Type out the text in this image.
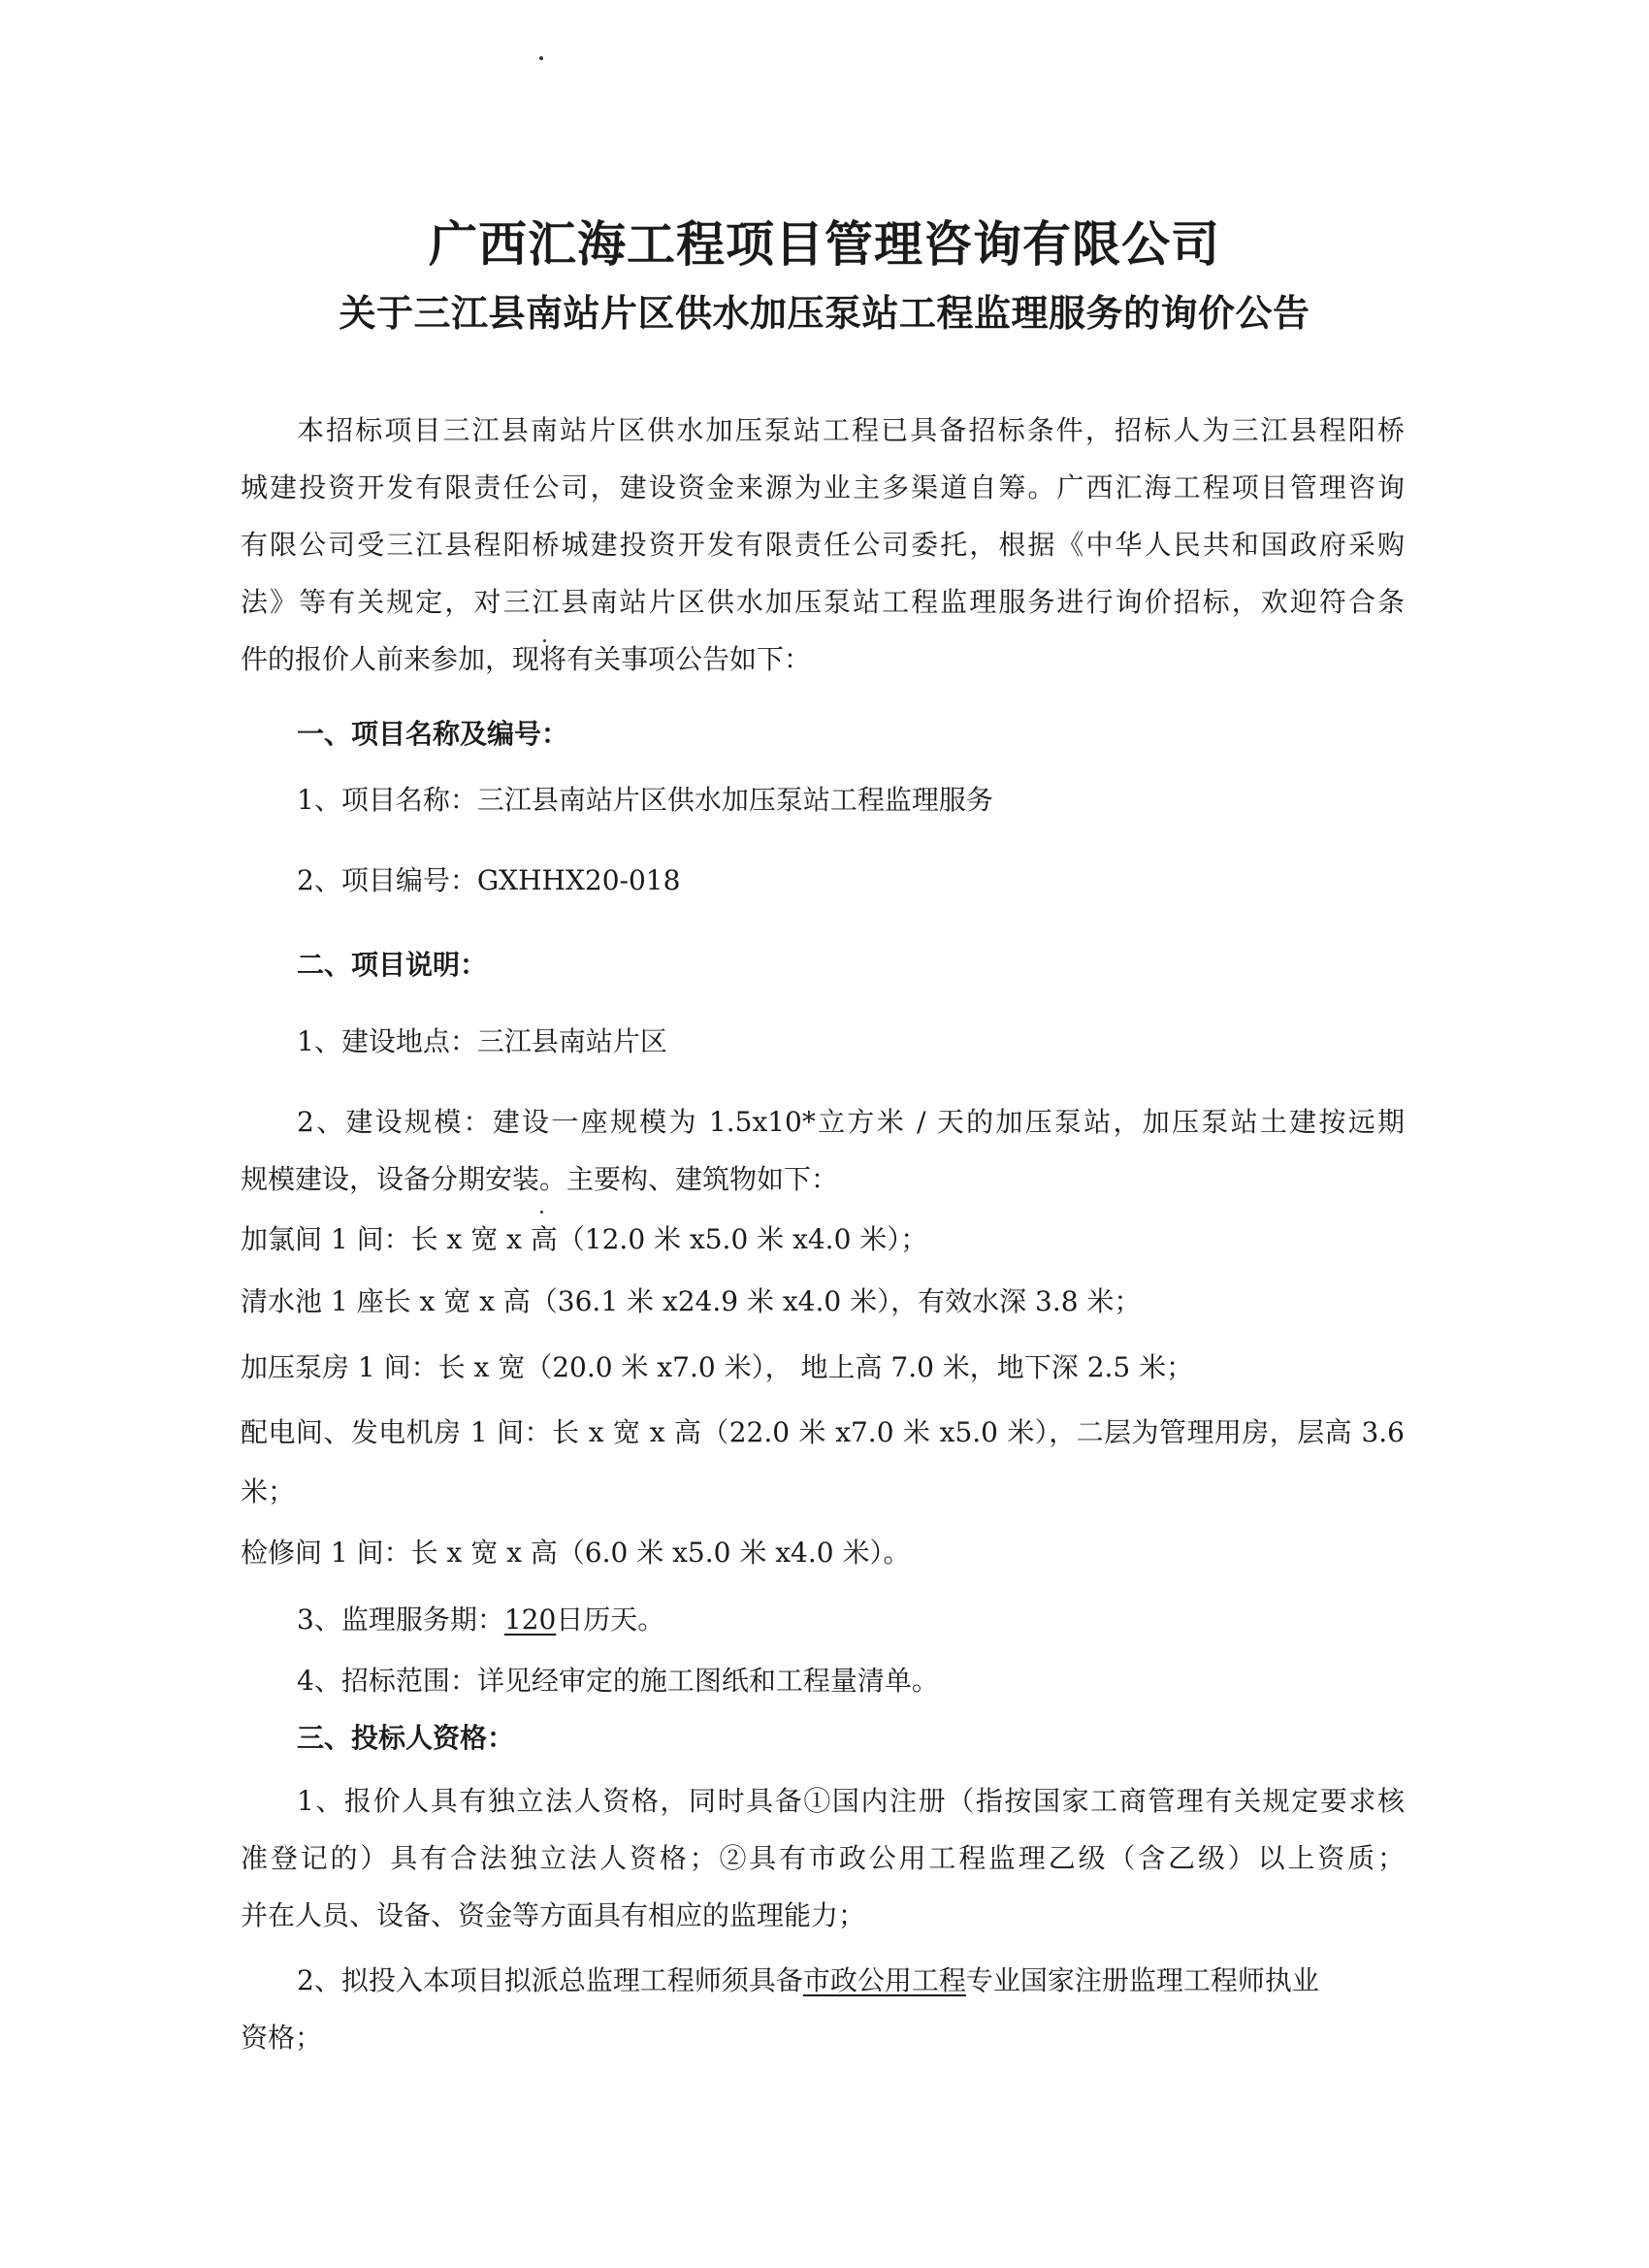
广西汇海工程项目管理咨询有限公司
关于三江县南站片区供水加压泵站工程监理服务的询价公告
本招标项目三江县南站片区供水加压泵站工程已具备招标条件，招标人为三江县程阳桥
城建投资开发有限责任公司，建设资金来源为业主多渠道自筹。广西汇海工程项目管理咨询
有限公司受三江县程阳桥城建投资开发有限责任公司委托，根据《中华人民共和国政府采购
法》等有关规定，对三江县南站片区供水加压泵站工程监理服务进行询价招标，欢迎符合条
件的报价人前来参加，现将有关事项公告如下：
一、项目名称及编号：
1、项目名称：三江县南站片区供水加压泵站工程监理服务
2、项目编号：GXHHX20-018
二、项目说明：
1、建设地点：三江县南站片区
2、建设规模：建设一座规模为 1.5x10*立方米 / 天的加压泵站，加压泵站土建按远期
规模建设，设备分期安装。主要构、建筑物如下：
加氯间 1 间：长 x 宽 x 高（12.0 米 x5.0 米 x4.0 米）；
清水池 1 座长 x 宽 x 高（36.1 米 x24.9 米 x4.0 米），有效水深 3.8 米；
加压泵房 1 间：长 x 宽（20.0 米 x7.0 米）， 地上高 7.0 米，地下深 2.5 米；
配电间、发电机房 1 间：长 x 宽 x 高（22.0 米 x7.0 米 x5.0 米），二层为管理用房，层高 3.6
米；
检修间 1 间：长 x 宽 x 高（6.0 米 x5.0 米 x4.0 米）。
3、监理服务期：120日历天。
4、招标范围：详见经审定的施工图纸和工程量清单。
三、投标人资格：
1、报价人具有独立法人资格，同时具备①国内注册（指按国家工商管理有关规定要求核
准登记的）具有合法独立法人资格；②具有市政公用工程监理乙级（含乙级）以上资质；
并在人员、设备、资金等方面具有相应的监理能力；
2、拟投入本项目拟派总监理工程师须具备市政公用工程专业国家注册监理工程师执业
资格；
